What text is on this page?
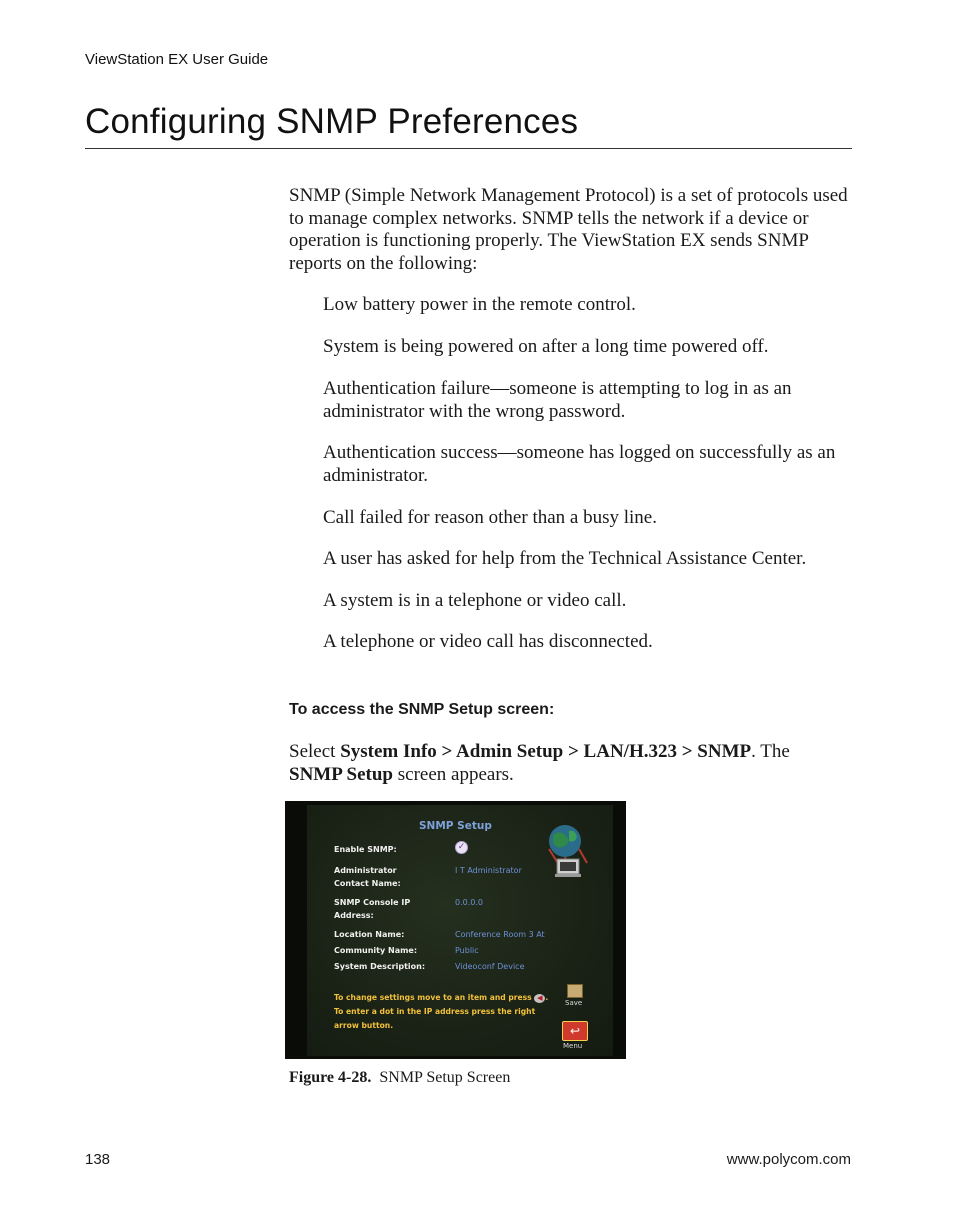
ViewStation EX User Guide
Configuring SNMP Preferences

SNMP (Simple Network Management Protocol) is a set of protocols used to manage complex networks. SNMP tells the network if a device or operation is functioning properly. The ViewStation EX sends SNMP reports on the following:

Low battery power in the remote control.
System is being powered on after a long time powered off.
Authentication failure—someone is attempting to log in as an administrator with the wrong password.
Authentication success—someone has logged on successfully as an administrator.
Call failed for reason other than a busy line.
A user has asked for help from the Technical Assistance Center.
A system is in a telephone or video call.
A telephone or video call has disconnected.
To access the SNMP Setup screen:

Select System Info > Admin Setup > LAN/H.323 > SNMP. The SNMP Setup screen appears.

SNMP Setup
Enable SNMP:	✓
Administrator
Contact Name:
I T Administrator
SNMP Console IP
Address:
0.0.0.0
Location Name:	Conference Room 3 At
Community Name:	Public
System Description:	Videoconf Device
To change settings move to an item and press ◀ . To enter a dot in the IP address press the right arrow button.
Save
↩
Menu
Figure 4-28. SNMP Setup Screen
138	www.polycom.com
